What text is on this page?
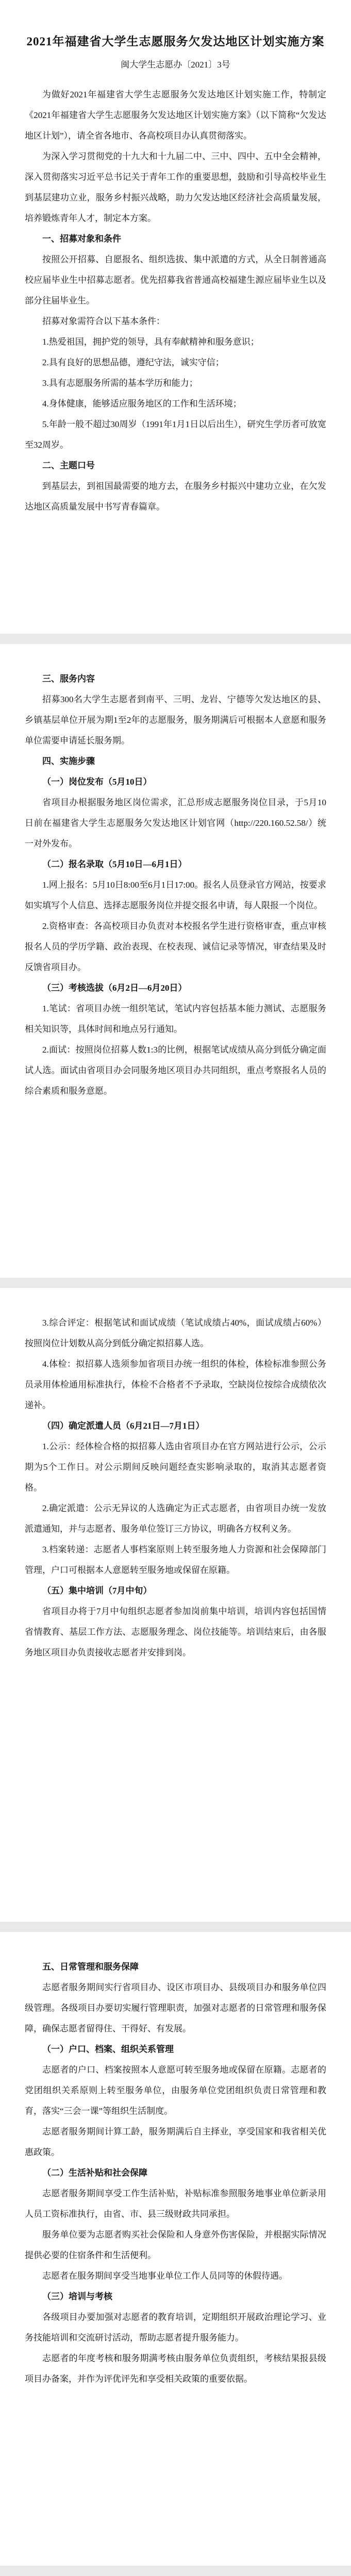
2021年福建省大学生志愿服务欠发达地区计划实施方案
闽大学生志愿办〔2021〕3号

为做好2021年福建省大学生志愿服务欠发达地区计划实施工作，特制定《2021年福建省大学生志愿服务欠发达地区计划实施方案》（以下简称“欠发达地区计划”），请全省各地市、各高校项目办认真贯彻落实。

为深入学习贯彻党的十九大和十九届二中、三中、四中、五中全会精神，深入贯彻落实习近平总书记关于青年工作的重要思想，鼓励和引导高校毕业生到基层建功立业，服务乡村振兴战略，助力欠发达地区经济社会高质量发展，培养锻炼青年人才，制定本方案。

一、招募对象和条件

按照公开招募、自愿报名、组织选拔、集中派遣的方式，从全日制普通高校应届毕业生中招募志愿者。优先招募我省普通高校福建生源应届毕业生以及部分往届毕业生。

招募对象需符合以下基本条件：

1.热爱祖国，拥护党的领导，具有奉献精神和服务意识；

2.具有良好的思想品德，遵纪守法，诚实守信；

3.具有志愿服务所需的基本学历和能力；

4.身体健康，能够适应服务地区的工作和生活环境；

5.年龄一般不超过30周岁（1991年1月1日以后出生），研究生学历者可放宽至32周岁。

二、主题口号

到基层去，到祖国最需要的地方去，在服务乡村振兴中建功立业，在欠发达地区高质量发展中书写青春篇章。

三、服务内容

招募300名大学生志愿者到南平、三明、龙岩、宁德等欠发达地区的县、乡镇基层单位开展为期1至2年的志愿服务，服务期满后可根据本人意愿和服务单位需要申请延长服务期。

四、实施步骤

（一）岗位发布（5月10日）

省项目办根据服务地区岗位需求，汇总形成志愿服务岗位目录，于5月10日前在福建省大学生志愿服务欠发达地区计划官网（http://220.160.52.58/）统一对外发布。

（二）报名录取（5月10日—6月1日）

1.网上报名：5月10日8:00至6月1日17:00。报名人员登录官方网站，按要求如实填写个人信息、选择志愿服务岗位并提交报名申请，每人限报一个岗位。

2.资格审查：各高校项目办负责对本校报名学生进行资格审查，重点审核报名人员的学历学籍、政治表现、在校表现、诚信记录等情况，审查结果及时反馈省项目办。

（三）考核选拔（6月2日—6月20日）

1.笔试：省项目办统一组织笔试，笔试内容包括基本能力测试、志愿服务相关知识等，具体时间和地点另行通知。

2.面试：按照岗位招募人数1:3的比例，根据笔试成绩从高分到低分确定面试人选。面试由省项目办会同服务地区项目办共同组织，重点考察报名人员的综合素质和服务意愿。

3.综合评定：根据笔试和面试成绩（笔试成绩占40%，面试成绩占60%）按照岗位计划数从高分到低分确定拟招募人选。

4.体检：拟招募人选须参加省项目办统一组织的体检，体检标准参照公务员录用体检通用标准执行，体检不合格者不予录取，空缺岗位按综合成绩依次递补。

（四）确定派遣人员（6月21日—7月1日）

1.公示：经体检合格的拟招募人选由省项目办在官方网站进行公示，公示期为5个工作日。对公示期间反映问题经查实影响录取的，取消其志愿者资格。

2.确定派遣：公示无异议的人选确定为正式志愿者，由省项目办统一发放派遣通知，并与志愿者、服务单位签订三方协议，明确各方权利义务。

3.档案转递：志愿者人事档案原则上转至服务地人力资源和社会保障部门管理，户口可根据本人意愿转至服务地或保留在原籍。

（五）集中培训（7月中旬）

省项目办将于7月中旬组织志愿者参加岗前集中培训，培训内容包括国情省情教育、基层工作方法、志愿服务理念、岗位技能等。培训结束后，由各服务地区项目办负责接收志愿者并安排到岗。

五、日常管理和服务保障

志愿者服务期间实行省项目办、设区市项目办、县级项目办和服务单位四级管理。各级项目办要切实履行管理职责，加强对志愿者的日常管理和服务保障，确保志愿者留得住、干得好、有发展。

（一）户口、档案、组织关系管理

志愿者的户口、档案按照本人意愿可转至服务地或保留在原籍。志愿者的党团组织关系原则上转至服务单位，由服务单位党团组织负责日常管理和教育，落实“三会一课”等组织生活制度。

志愿者服务期间计算工龄，服务期满后自主择业，享受国家和我省相关优惠政策。

（二）生活补贴和社会保障

志愿者服务期间享受工作生活补贴，补贴标准参照服务地事业单位新录用人员工资标准执行，由省、市、县三级财政共同承担。

服务单位要为志愿者购买社会保险和人身意外伤害保险，并根据实际情况提供必要的住宿条件和生活便利。

志愿者在服务期间享受当地事业单位工作人员同等的休假待遇。

（三）培训与考核

各级项目办要加强对志愿者的教育培训，定期组织开展政治理论学习、业务技能培训和交流研讨活动，帮助志愿者提升服务能力。

志愿者的年度考核和服务期满考核由服务单位负责组织，考核结果报县级项目办备案，并作为评优评先和享受相关政策的重要依据。
